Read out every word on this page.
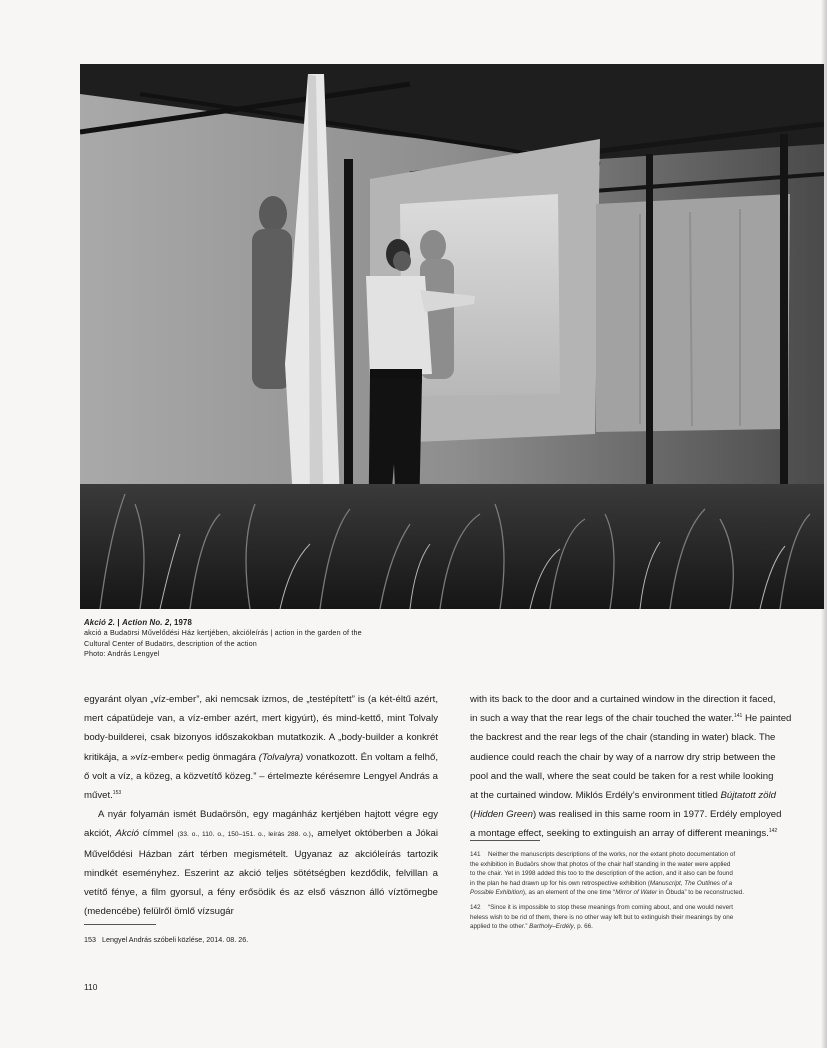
Akció 2. | Action No. 2, 1978
akció a Budaörsi Művelődési Ház kertjében, akcióleírás | action in the garden of the
Cultural Center of Budaörs, description of the action
Photo: András Lengyel

egyaránt olyan „víz-ember”, aki nemcsak izmos, de „testépített” is (a két-éltű azért, mert cápatüdeje van, a víz-ember azért, mert kigyúrt), és mind-kettő, mint Tolvaly body-builderei, csak bizonyos időszakokban mutatkozik. A „body-builder a konkrét kritikája, a »víz-ember« pedig önmagára (Tolvalyra) vonatkozott. Én voltam a felhő, ő volt a víz, a közeg, a közvetítő közeg.” – értelmezte kérésemre Lengyel András a művet.$^{153}$

A nyár folyamán ismét Budaörsön, egy magánház kertjében hajtott végre egy akciót, Akció címmel (33. o., 110. o., 150–151. o., leírás 288. o.), amelyet októberben a Jókai Művelődési Házban zárt térben megismételt. Ugyanaz az akcióleírás tartozik mindkét eseményhez. Eszerint az akció teljes sötétségben kezdődik, felvillan a vetítő fénye, a film gyorsul, a fény erősödik és az első vásznon álló víztömegbe (medencébe) felülről ömlő vízsugár

with its back to the door and a curtained window in the direction it faced,
in such a way that the rear legs of the chair touched the water.$^{141}$ He painted
the backrest and the rear legs of the chair (standing in water) black. The
audience could reach the chair by way of a narrow dry strip between the
pool and the wall, where the seat could be taken for a rest while looking
at the curtained window. Miklós Erdély’s environment titled Bújtatott zöld
(Hidden Green) was realised in this same room in 1977. Erdély employed
a montage effect, seeking to extinguish an array of different meanings.$^{142}$

141 Neither the manuscripts descriptions of the works, nor the extant photo documentation of
the exhibition in Budaörs show that photos of the chair half standing in the water were applied
to the chair. Yet in 1998 added this too to the description of the action, and it also can be found
in the plan he had drawn up for his own retrospective exhibition (Manuscript, The Outlines of a
Possible Exhibition), as an element of the one time “Mirror of Water in Óbuda” to be reconstructed.

142 “Since it is impossible to stop these meanings from coming about, and one would nevert
heless wish to be rid of them, there is no other way left but to extinguish their meanings by one
applied to the other.” Bartholy–Erdély, p. 66.

153 Lengyel András szóbeli közlése, 2014. 08. 26.
110
